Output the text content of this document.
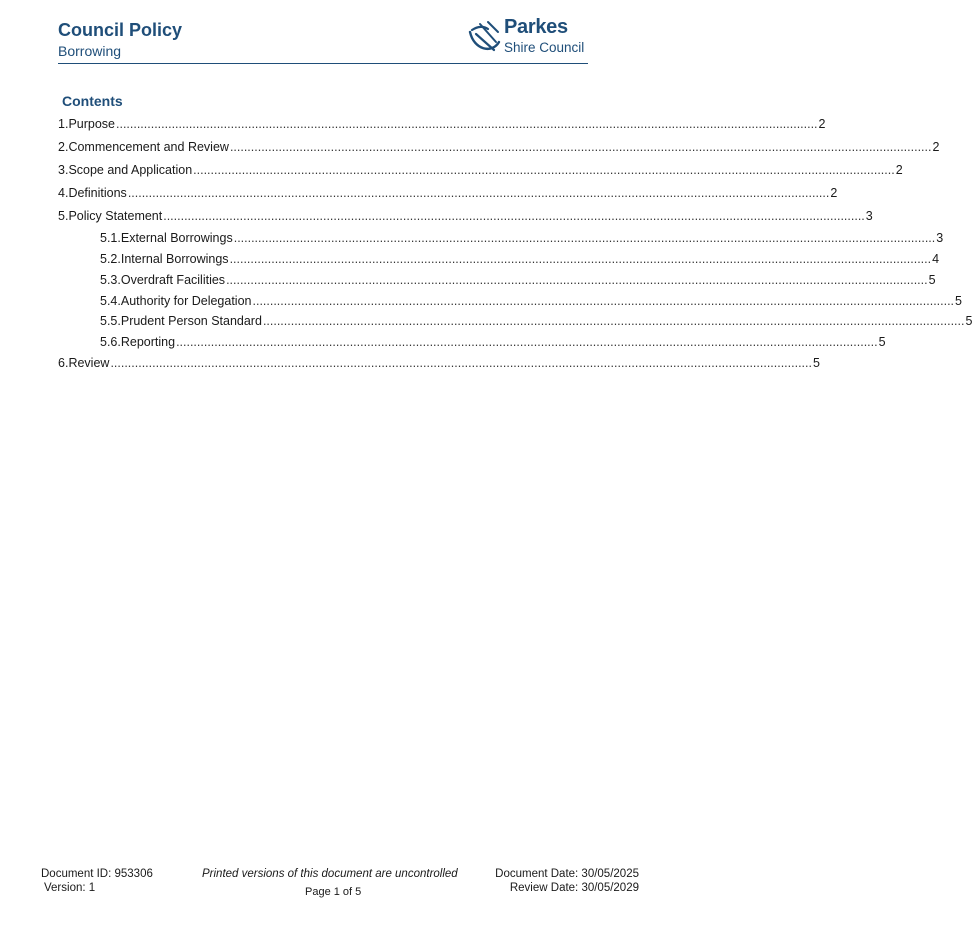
Council Policy
Borrowing
Parkes
Shire Council
Contents
1. Purpose .......................................................................................................................................................................................................... 2
2. Commencement and Review .......................................................................................................................................................................................................... 2
3. Scope and Application .......................................................................................................................................................................................................... 2
4. Definitions .......................................................................................................................................................................................................... 2
5. Policy Statement .......................................................................................................................................................................................................... 3
5.1. External Borrowings .......................................................................................................................................................................................................... 3
5.2. Internal Borrowings .......................................................................................................................................................................................................... 4
5.3. Overdraft Facilities .......................................................................................................................................................................................................... 5
5.4. Authority for Delegation .......................................................................................................................................................................................................... 5
5.5. Prudent Person Standard .......................................................................................................................................................................................................... 5
5.6. Reporting .......................................................................................................................................................................................................... 5
6. Review .......................................................................................................................................................................................................... 5
Document ID: 953306
Version: 1
Printed versions of this document are uncontrolled
Page 1 of 5
Document Date: 30/05/2025
Review Date: 30/05/2029
